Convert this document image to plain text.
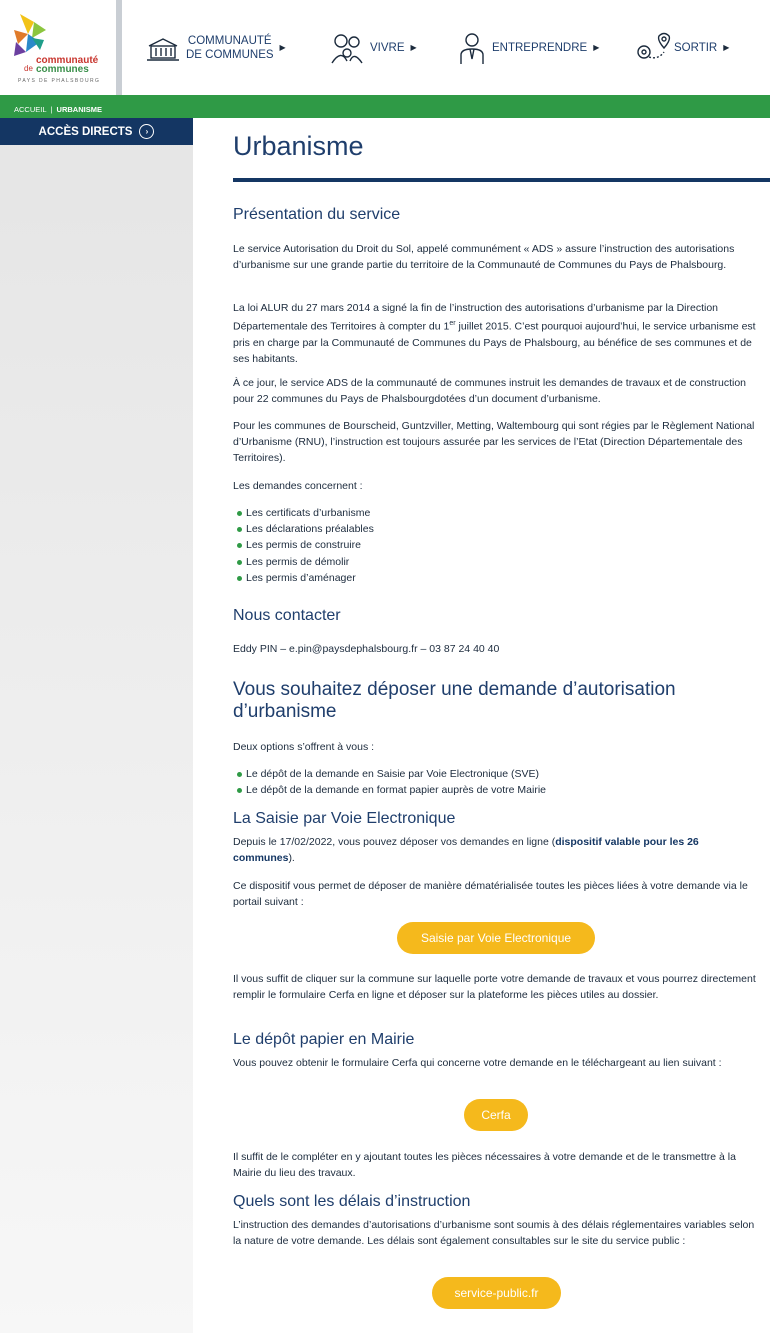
communauté
de communes
PAYS DE PHALSBOURG
COMMUNAUTÉ
DE COMMUNES
▶	VIVRE ▶	ENTREPRENDRE ▶	SORTIR ▶
ACCUEIL | URBANISME
ACCÈS DIRECTS	›	Urbanisme
Présentation du service
Le service Autorisation du Droit du Sol, appelé communément « ADS » assure l’instruction des autorisations d’urbanisme sur une grande partie du territoire de la Communauté de Communes du Pays de Phalsbourg.
La loi ALUR du 27 mars 2014 a signé la fin de l’instruction des autorisations d’urbanisme par la Direction Départementale des Territoires à compter du 1er juillet 2015. C’est pourquoi aujourd’hui, le service urbanisme est pris en charge par la Communauté de Communes du Pays de Phalsbourg, au bénéfice de ses communes et de ses habitants.
À ce jour, le service ADS de la communauté de communes instruit les demandes de travaux et de construction pour 22 communes du Pays de Phalsbourgdotées d’un document d’urbanisme.
Pour les communes de Bourscheid, Guntzviller, Metting, Waltembourg qui sont régies par le Règlement National d’Urbanisme (RNU), l’instruction est toujours assurée par les services de l’Etat (Direction Départementale des Territoires).
Les demandes concernent :
Les certificats d’urbanisme
Les déclarations préalables
Les permis de construire
Les permis de démolir
Les permis d’aménager
Nous contacter
Eddy PIN – e.pin@paysdephalsbourg.fr – 03 87 24 40 40
Vous souhaitez déposer une demande d’autorisation d’urbanisme
Deux options s’offrent à vous :
Le dépôt de la demande en Saisie par Voie Electronique (SVE)
Le dépôt de la demande en format papier auprès de votre Mairie
La Saisie par Voie Electronique
Depuis le 17/02/2022, vous pouvez déposer vos demandes en ligne (dispositif valable pour les 26 communes).
Ce dispositif vous permet de déposer de manière dématérialisée toutes les pièces liées à votre demande via le portail suivant :
Saisie par Voie Electronique
Il vous suffit de cliquer sur la commune sur laquelle porte votre demande de travaux et vous pourrez directement remplir le formulaire Cerfa en ligne et déposer sur la plateforme les pièces utiles au dossier.
Le dépôt papier en Mairie
Vous pouvez obtenir le formulaire Cerfa qui concerne votre demande en le téléchargeant au lien suivant :
Cerfa
Il suffit de le compléter en y ajoutant toutes les pièces nécessaires à votre demande et de le transmettre à la Mairie du lieu des travaux.
Quels sont les délais d’instruction
L’instruction des demandes d’autorisations d’urbanisme sont soumis à des délais réglementaires variables selon la nature de votre demande. Les délais sont également consultables sur le site du service public :
service-public.fr
